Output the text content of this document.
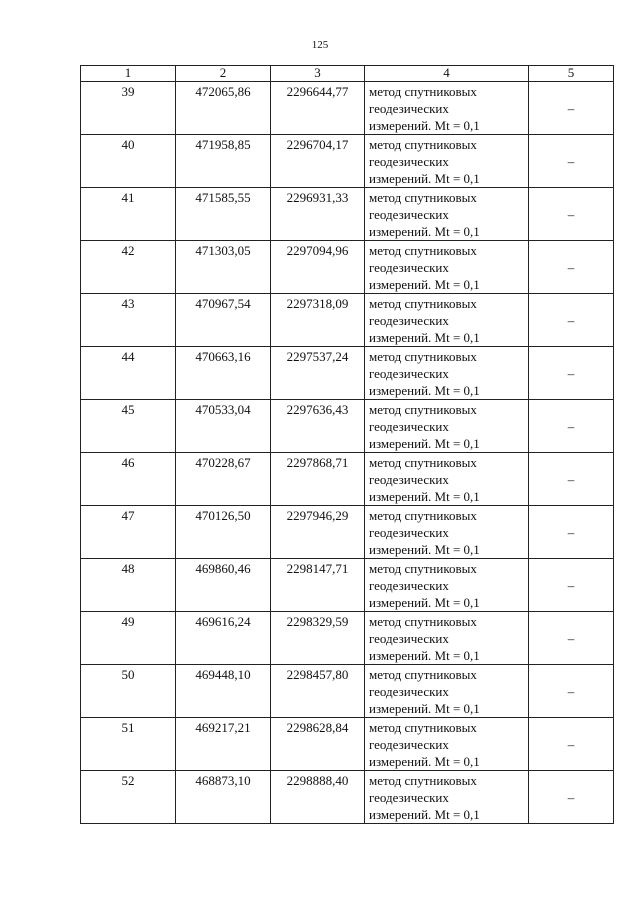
125
1	2	3	4	5
39	472065,86	2296644,77	метод спутниковых
геодезических
измерений. Mt = 0,1	–
40	471958,85	2296704,17	метод спутниковых
геодезических
измерений. Mt = 0,1	–
41	471585,55	2296931,33	метод спутниковых
геодезических
измерений. Mt = 0,1	–
42	471303,05	2297094,96	метод спутниковых
геодезических
измерений. Mt = 0,1	–
43	470967,54	2297318,09	метод спутниковых
геодезических
измерений. Mt = 0,1	–
44	470663,16	2297537,24	метод спутниковых
геодезических
измерений. Mt = 0,1	–
45	470533,04	2297636,43	метод спутниковых
геодезических
измерений. Mt = 0,1	–
46	470228,67	2297868,71	метод спутниковых
геодезических
измерений. Mt = 0,1	–
47	470126,50	2297946,29	метод спутниковых
геодезических
измерений. Mt = 0,1	–
48	469860,46	2298147,71	метод спутниковых
геодезических
измерений. Mt = 0,1	–
49	469616,24	2298329,59	метод спутниковых
геодезических
измерений. Mt = 0,1	–
50	469448,10	2298457,80	метод спутниковых
геодезических
измерений. Mt = 0,1	–
51	469217,21	2298628,84	метод спутниковых
геодезических
измерений. Mt = 0,1	–
52	468873,10	2298888,40	метод спутниковых
геодезических
измерений. Mt = 0,1	–
